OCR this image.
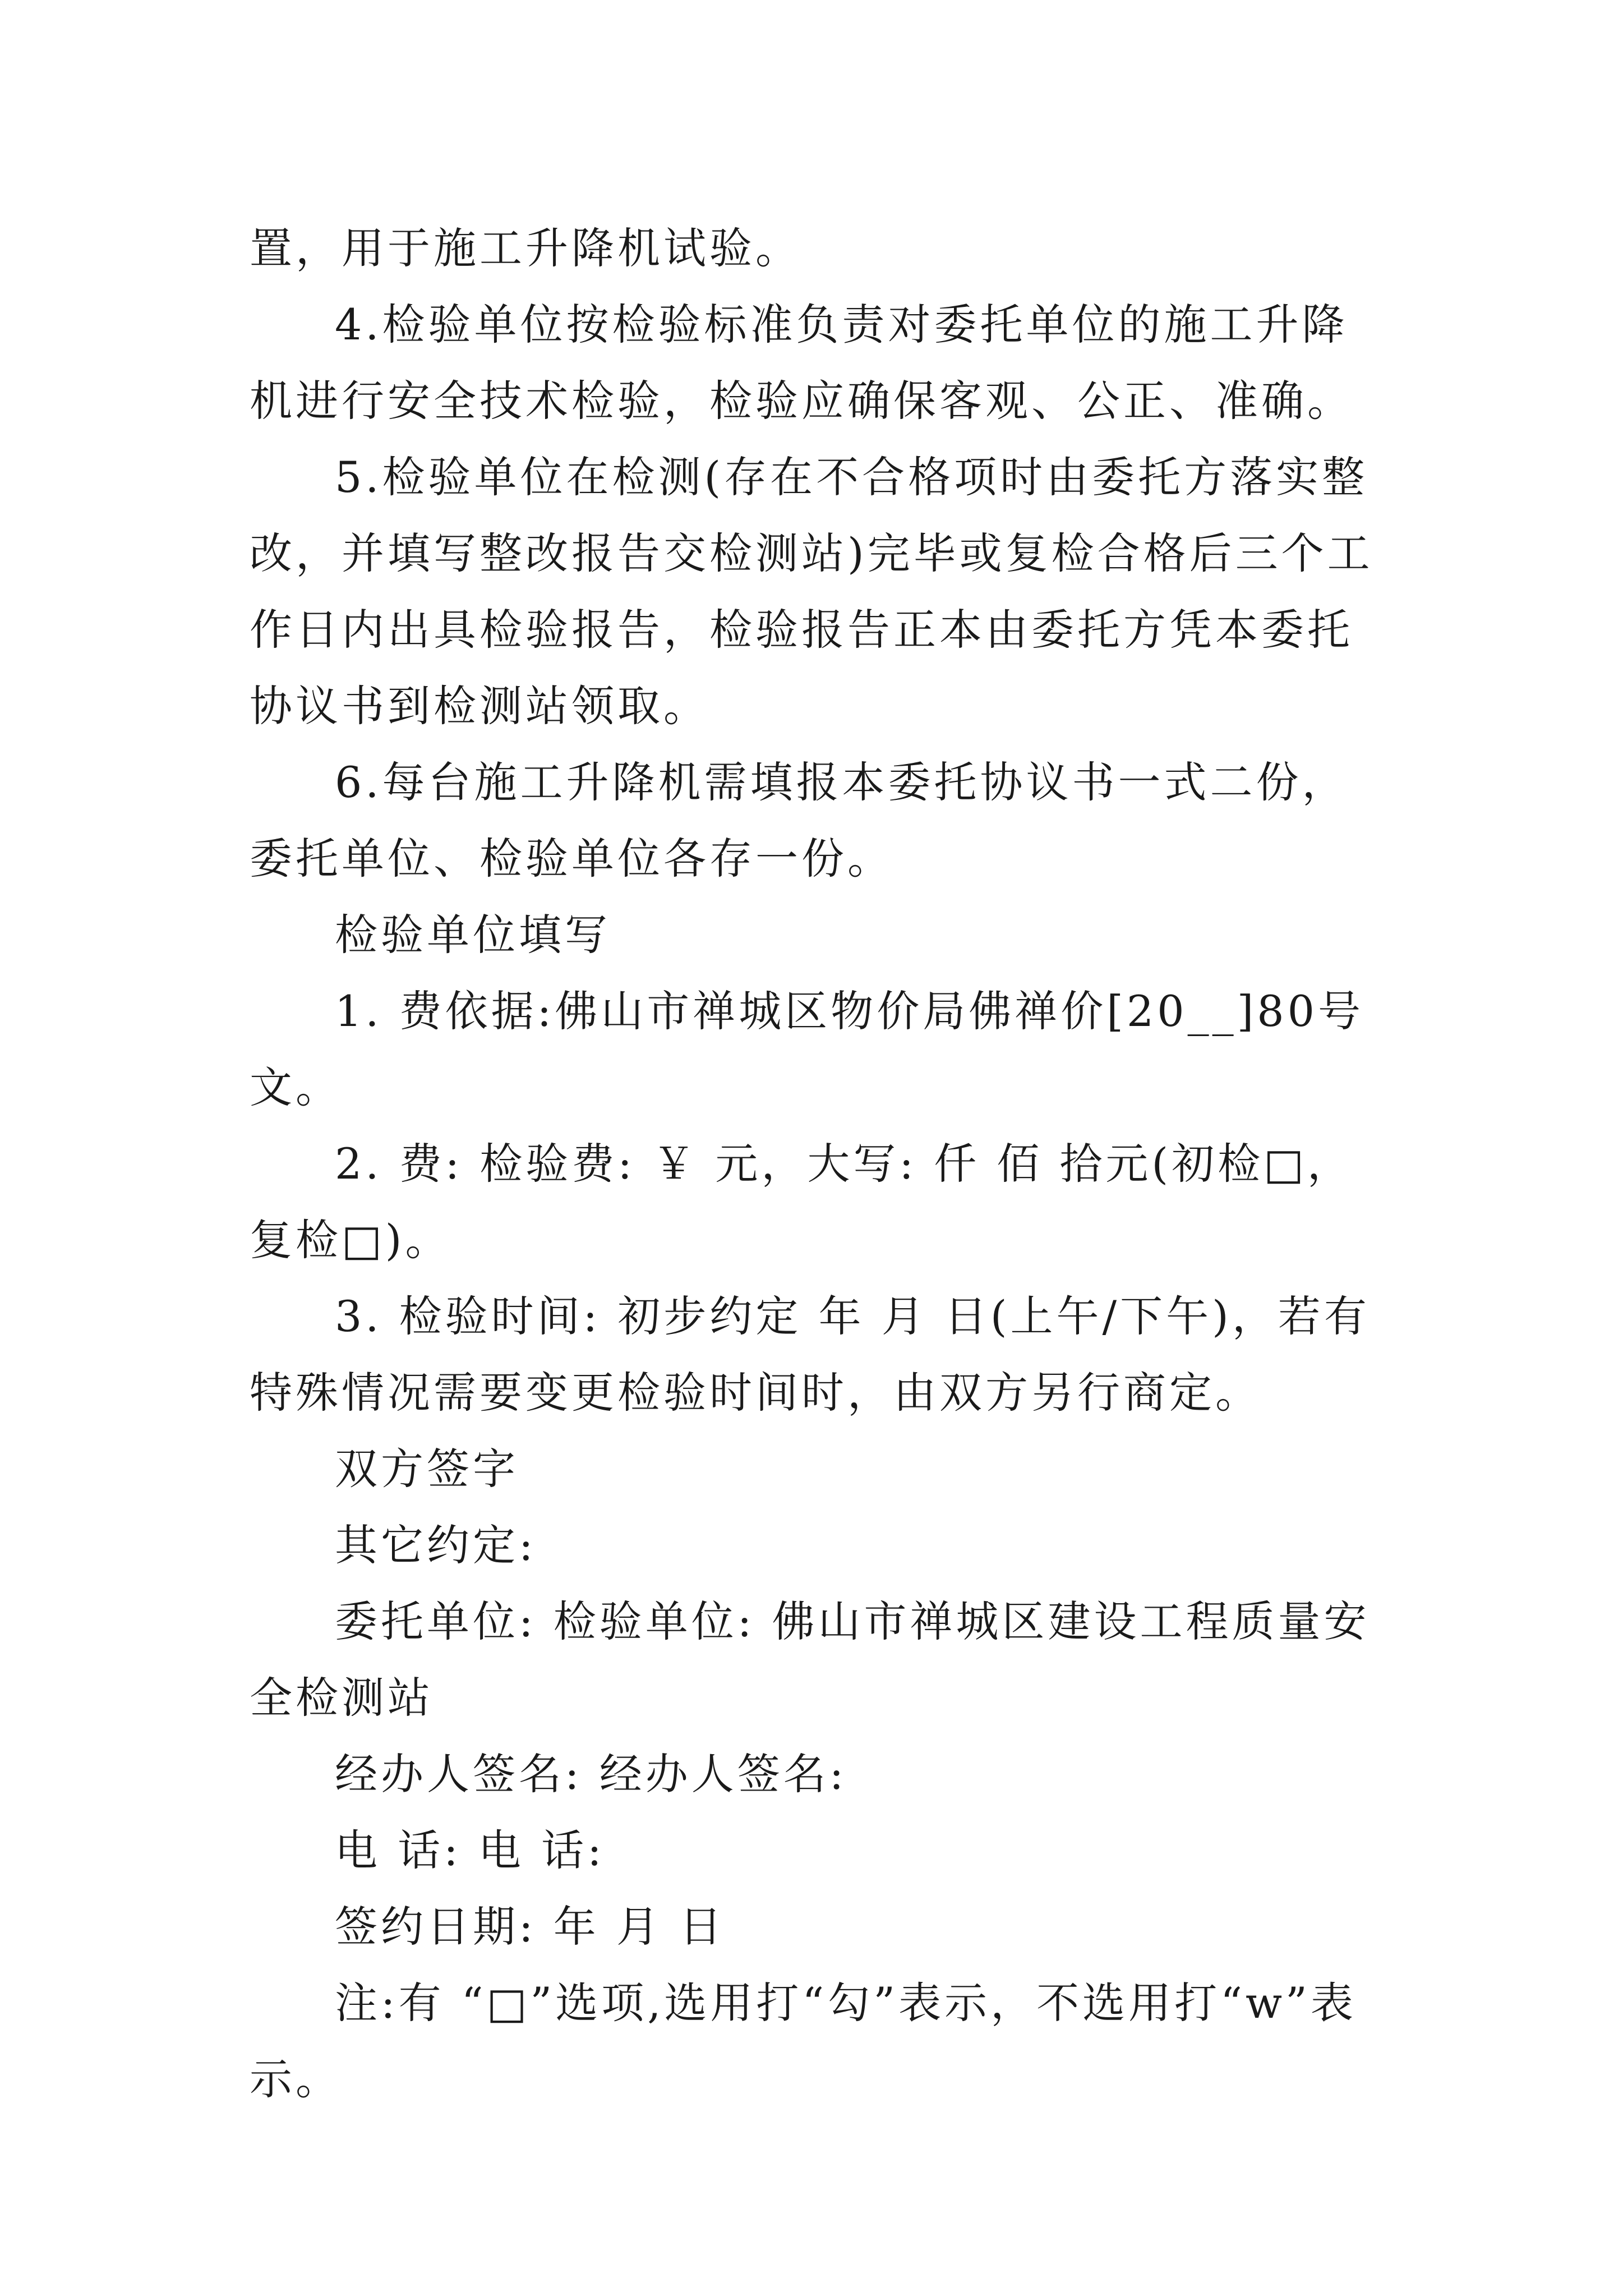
置，用于施工升降机试验。

4.检验单位按检验标准负责对委托单位的施工升降机进行安全技术检验，检验应确保客观、公正、准确。

5.检验单位在检测(存在不合格项时由委托方落实整改，并填写整改报告交检测站)完毕或复检合格后三个工作日内出具检验报告，检验报告正本由委托方凭本委托协议书到检测站领取。

6.每台施工升降机需填报本委托协议书一式二份，委托单位、检验单位各存一份。

检验单位填写

1. 费依据:佛山市禅城区物价局佛禅价[20__]80号文。

2. 费: 检验费: ￥ 元，大写: 仟 佰 拾元(初检□，复检□)。

3. 检验时间: 初步约定 年 月 日(上午/下午)，若有特殊情况需要变更检验时间时，由双方另行商定。

双方签字

其它约定:

委托单位: 检验单位: 佛山市禅城区建设工程质量安全检测站

经办人签名: 经办人签名:

电 话: 电 话:

签约日期: 年 月 日

注:有 “□”选项,选用打“勾”表示，不选用打“w”表示。
